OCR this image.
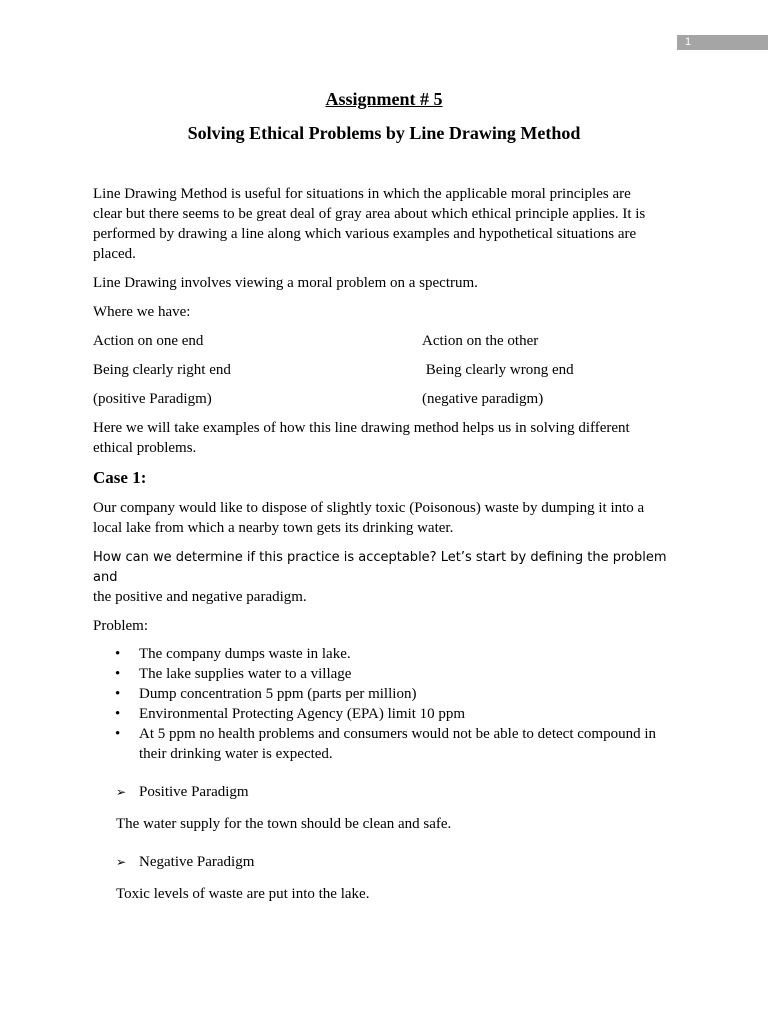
1
Assignment # 5
Solving Ethical Problems by Line Drawing Method

Line Drawing Method is useful for situations in which the applicable moral principles are
clear but there seems to be great deal of gray area about which ethical principle applies. It is
performed by drawing a line along which various examples and hypothetical situations are
placed.

Line Drawing involves viewing a moral problem on a spectrum.

Where we have:

Action on one end	Action on the other
Being clearly right end	Being clearly wrong end
(positive Paradigm)	(negative paradigm)

Here we will take examples of how this line drawing method helps us in solving different
ethical problems.

Case 1:

Our company would like to dispose of slightly toxic (Poisonous) waste by dumping it into a
local lake from which a nearby town gets its drinking water.

How can we determine if this practice is acceptable? Let’s start by defining the problem and
the positive and negative paradigm.

Problem:

• The company dumps waste in lake.
• The lake supplies water to a village
• Dump concentration 5 ppm (parts per million)
• Environmental Protecting Agency (EPA) limit 10 ppm
• At 5 ppm no health problems and consumers would not be able to detect compound in
their drinking water is expected.
➢ Positive Paradigm

The water supply for the town should be clean and safe.

➢ Negative Paradigm

Toxic levels of waste are put into the lake.
